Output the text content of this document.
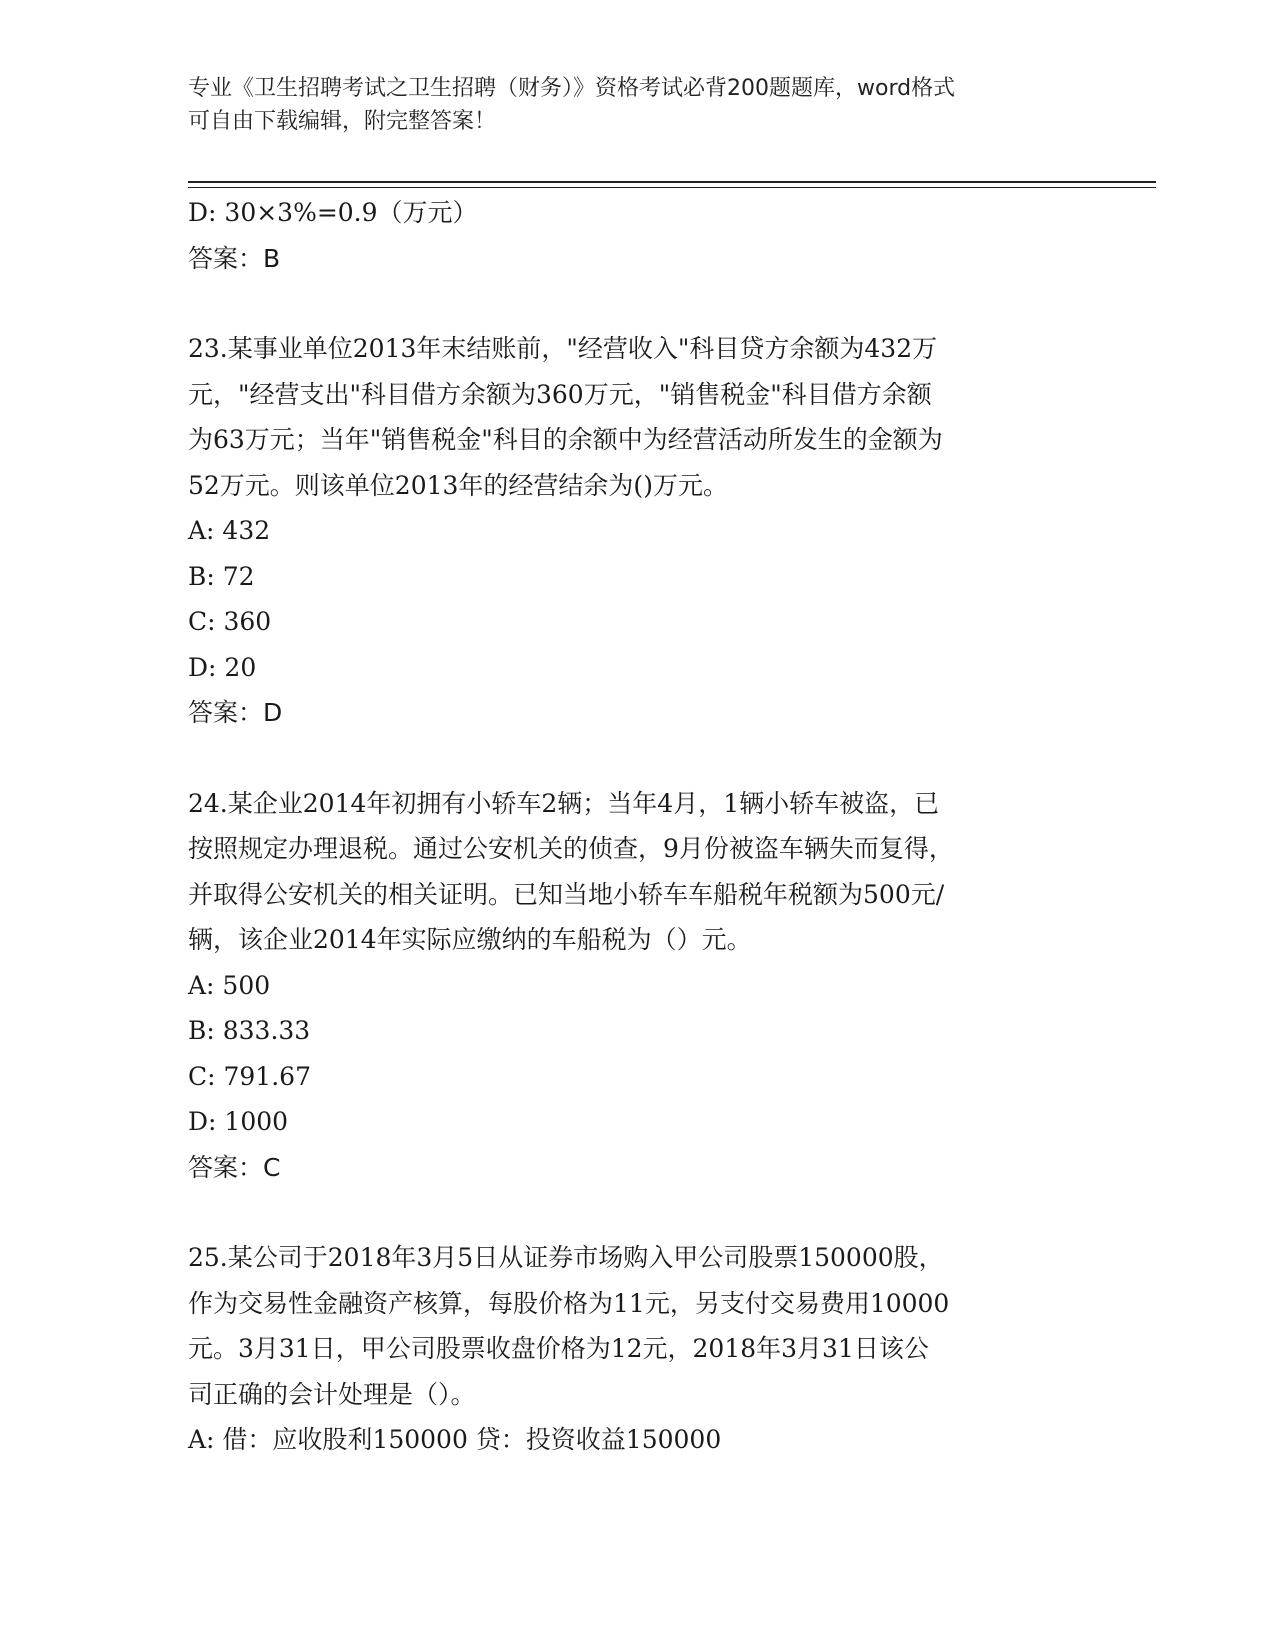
专业《卫生招聘考试之卫生招聘（财务）》资格考试必背200题题库，word格式
可自由下载编辑，附完整答案！
D: 30×3%=0.9（万元）
答案：B
23.某事业单位2013年末结账前，"经营收入"科目贷方余额为432万
元，"经营支出"科目借方余额为360万元，"销售税金"科目借方余额
为63万元；当年"销售税金"科目的余额中为经营活动所发生的金额为
52万元。则该单位2013年的经营结余为()万元。
A: 432
B: 72
C: 360
D: 20
答案：D
24.某企业2014年初拥有小轿车2辆；当年4月，1辆小轿车被盗，已
按照规定办理退税。通过公安机关的侦查，9月份被盗车辆失而复得，
并取得公安机关的相关证明。已知当地小轿车车船税年税额为500元/
辆，该企业2014年实际应缴纳的车船税为（）元。
A: 500
B: 833.33
C: 791.67
D: 1000
答案：C
25.某公司于2018年3月5日从证券市场购入甲公司股票150000股，
作为交易性金融资产核算，每股价格为11元，另支付交易费用10000
元。3月31日，甲公司股票收盘价格为12元，2018年3月31日该公
司正确的会计处理是（）。
A: 借：应收股利150000 贷：投资收益150000
